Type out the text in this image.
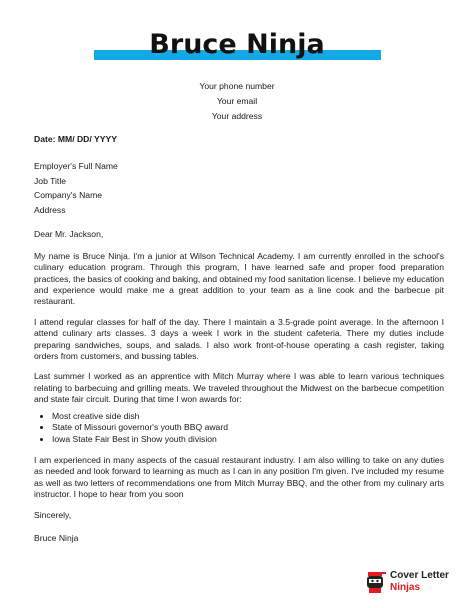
Bruce Ninja
Your phone number
Your email
Your address
Date: MM/ DD/ YYYY
Employer's Full Name
Job Title
Company's Name
Address
Dear Mr. Jackson,

My name is Bruce Ninja. I'm a junior at Wilson Technical Academy. I am currently enrolled in the school's culinary education program. Through this program, I have learned safe and proper food preparation practices, the basics of cooking and baking, and obtained my food sanitation license. I believe my education and experience would make me a great addition to your team as a line cook and the barbecue pit restaurant.

I attend regular classes for half of the day. There I maintain a 3.5-grade point average. In the afternoon I attend culinary arts classes. 3 days a week I work in the student cafeteria. There my duties include preparing sandwiches, soups, and salads. I also work front-of-house operating a cash register, taking orders from customers, and bussing tables.

Last summer I worked as an apprentice with Mitch Murray where I was able to learn various techniques relating to barbecuing and grilling meats. We traveled throughout the Midwest on the barbecue competition and state fair circuit. During that time I won awards for:

• Most creative side dish
• State of Missouri governor's youth BBQ award
• Iowa State Fair Best in Show youth division

I am experienced in many aspects of the casual restaurant industry. I am also willing to take on any duties as needed and look forward to learning as much as I can in any position I'm given. I've included my resume as well as two letters of recommendations one from Mitch Murray BBQ, and the other from my culinary arts instructor. I hope to hear from you soon

Sincerely,
Bruce Ninja
Cover Letter
Ninjas
